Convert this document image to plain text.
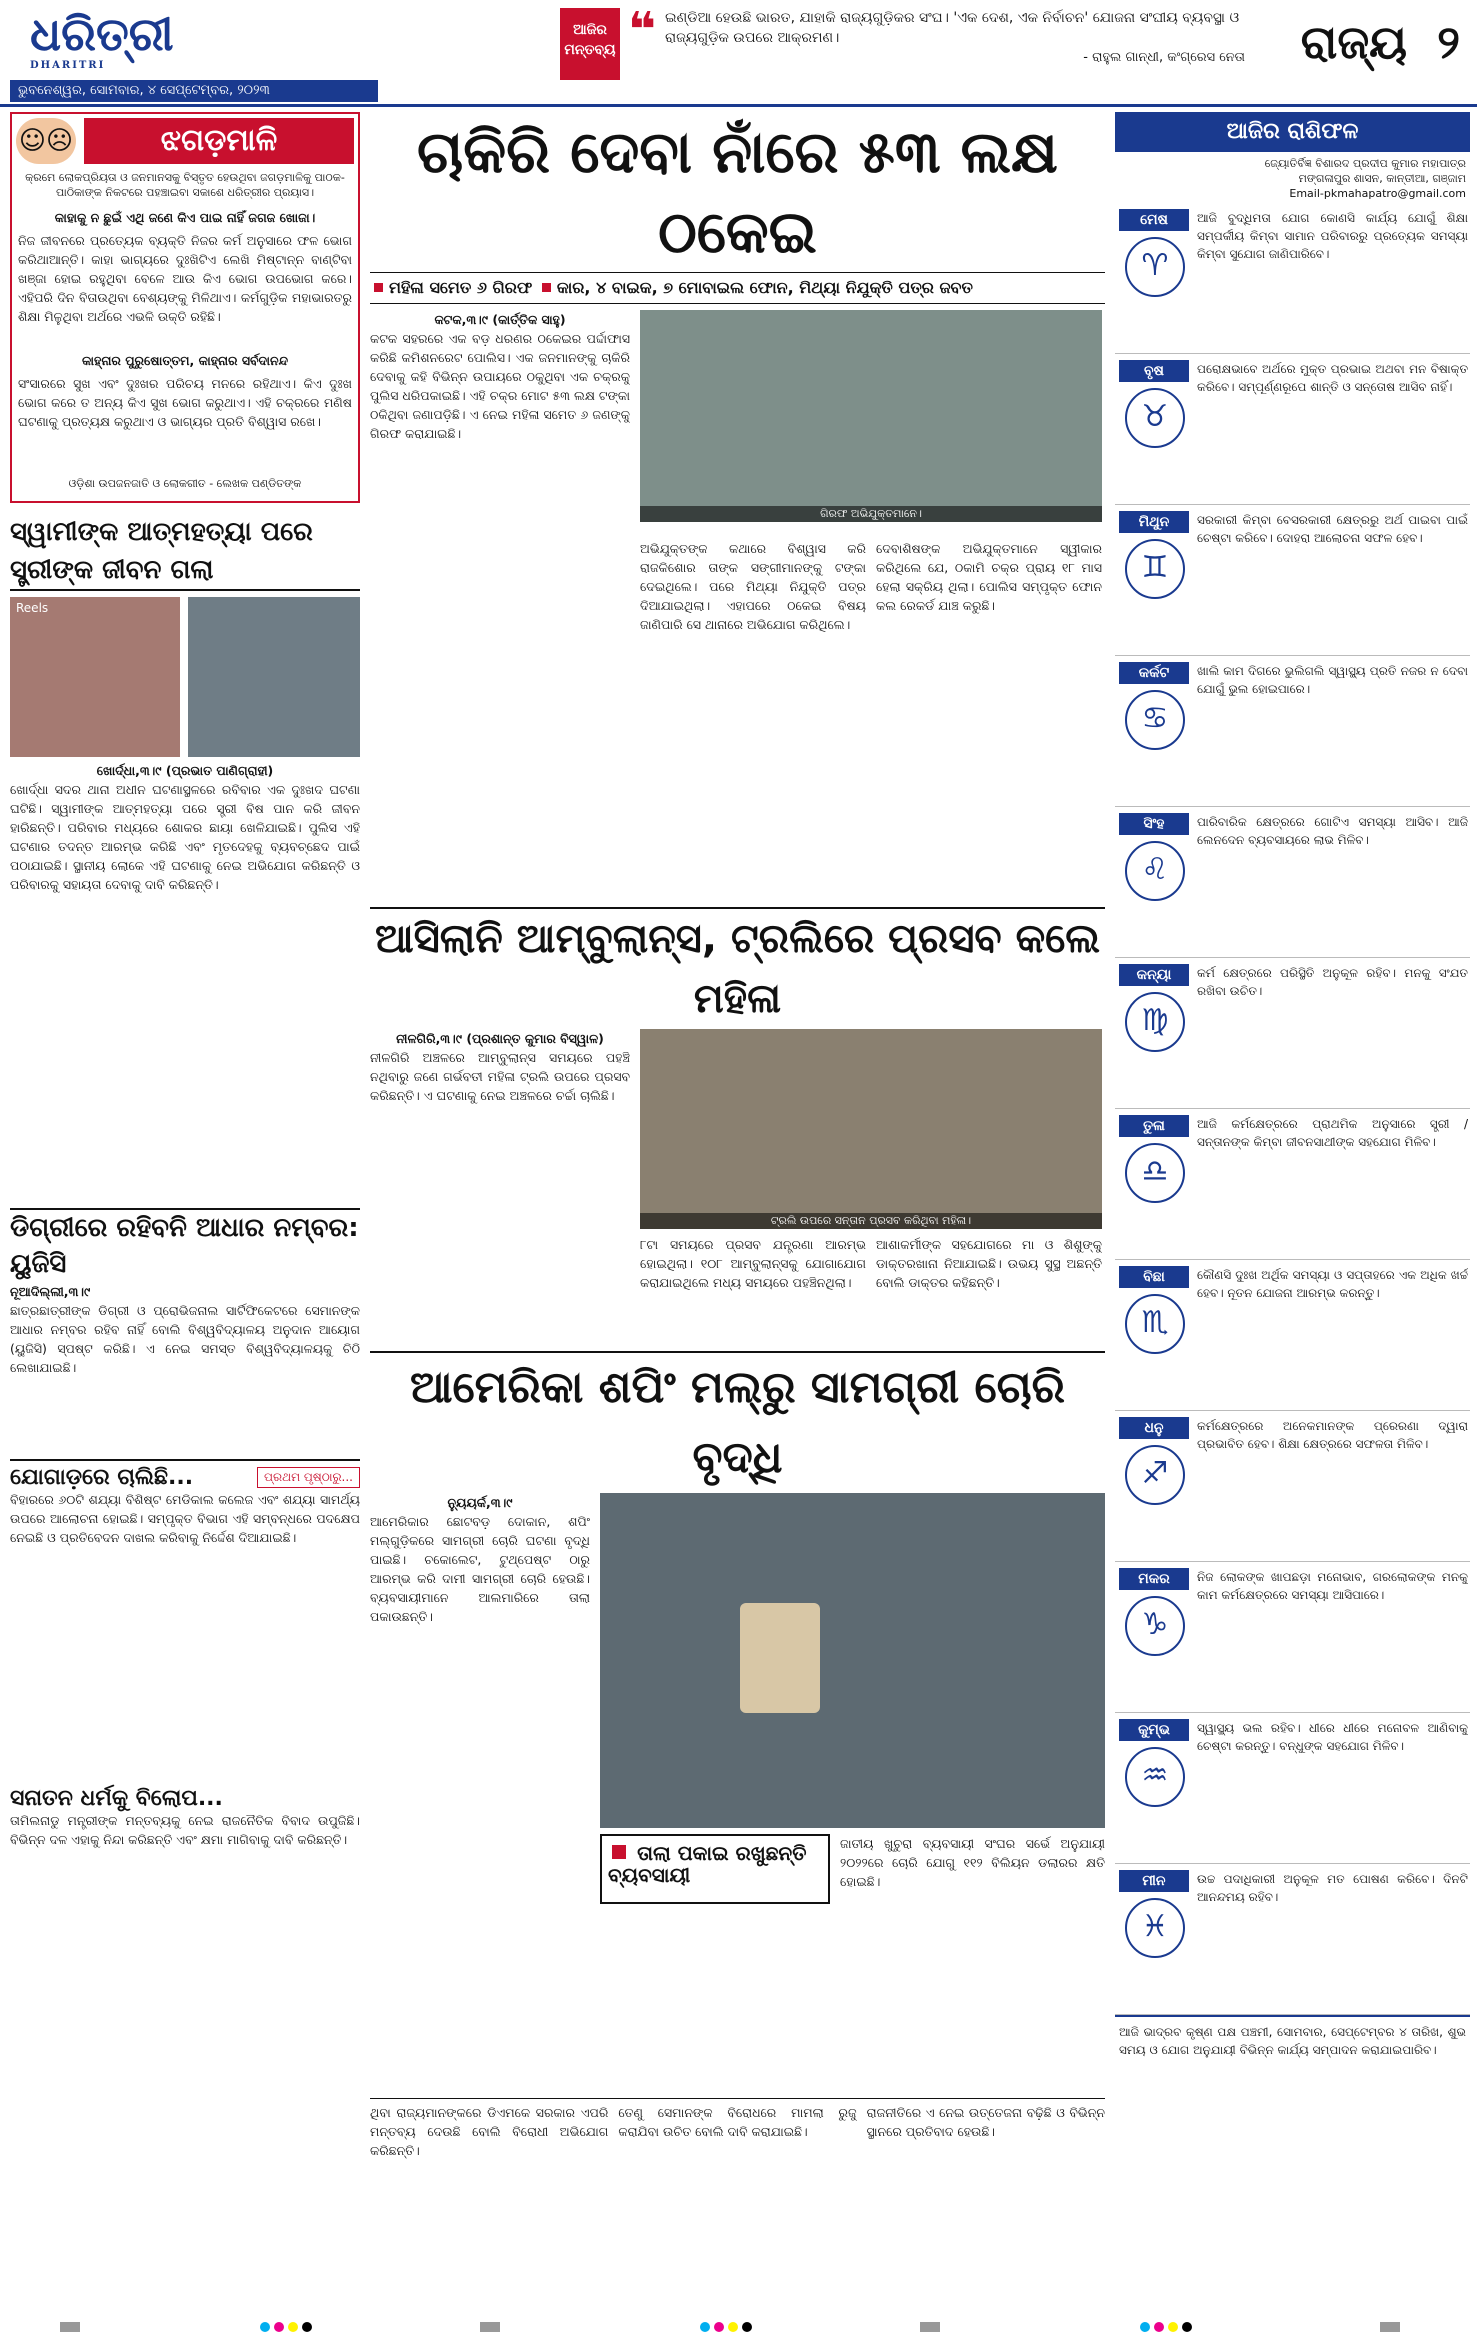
ଧରିତ୍ରୀ
DHARITRI
ଭୁବନେଶ୍ୱର, ସୋମବାର, ୪ ସେପ୍ଟେମ୍ବର, ୨୦୨୩
ଆଜିର ମନ୍ତବ୍ୟ ❝ ଇଣ୍ଡିଆ ହେଉଛି ଭାରତ, ଯାହାକି ରାଜ୍ୟଗୁଡ଼ିକର ସଂଘ। 'ଏକ ଦେଶ, ଏକ ନିର୍ବାଚନ' ଯୋଜନା ସଂଘୀୟ ବ୍ୟବସ୍ଥା ଓ ରାଜ୍ୟଗୁଡ଼ିକ ଉପରେ ଆକ୍ରମଣ।
- ରାହୁଲ ଗାନ୍ଧୀ, କଂଗ୍ରେସ ନେତା	ରାଜ୍ୟ ୨
☺☹	ଝଗଡ଼ମାଳି
କ୍ରମେ ଲୋକପ୍ରିୟତା ଓ ଜନମାନସକୁ ବିସ୍ତୃତ ହେଉଥିବା ଜଗଡ଼ମାଳିକୁ ପାଠକ-ପାଠିକାଙ୍କ ନିକଟରେ ପହଞ୍ଚାଇବା ସକାଶେ ଧରିତ୍ରୀର ପ୍ରୟାସ।
କାହାକୁ ନ ଛୁଇଁ ଏଥି ଜଣେ କିଏ ପାଇ ନାହିଁ ଜଗଜ ଖୋଜା।
ନିଜ ଜୀବନରେ ପ୍ରତ୍ୟେକ ବ୍ୟକ୍ତି ନିଜର କର୍ମ ଅନୁସାରେ ଫଳ ଭୋଗ କରିଥାଆନ୍ତି। କାହା ଭାଗ୍ୟରେ ଦୁଃଖିଟିଏ ଲେଖି ମିଷ୍ଟାନ୍ନ ବାଣ୍ଟିବା ଖଞ୍ଜା ହୋଇ ରହୁଥିବା ବେଳେ ଆଉ କିଏ ଭୋଗ ଉପଭୋଗ କରେ। ଏହିପରି ଦିନ ବିତାଉଥିବା ବେଶ୍ୟଙ୍କୁ ମିଳିଥାଏ। କର୍ମଗୁଡ଼ିକ ମହାଭାରତରୁ ଶିକ୍ଷା ମିଳୁଥିବା ଅର୍ଥରେ ଏଭଳି ଉକ୍ତି ରହିଛି।
କାହ୍ନାର ପୁରୁଷୋତ୍ତମ, କାହ୍ନାର ସର୍ବଦାନନ୍ଦ
ସଂସାରରେ ସୁଖ ଏବଂ ଦୁଃଖର ପରିଚୟ ମନରେ ରହିଥାଏ। କିଏ ଦୁଃଖ ଭୋଗ କରେ ତ ଅନ୍ୟ କିଏ ସୁଖ ଭୋଗ କରୁଥାଏ। ଏହି ଚକ୍ରରେ ମଣିଷ ଘଟଣାକୁ ପ୍ରତ୍ୟକ୍ଷ କରୁଥାଏ ଓ ଭାଗ୍ୟର ପ୍ରତି ବିଶ୍ୱାସ ରଖେ।
ଓଡ଼ିଶା ଉପଜନଜାତି ଓ ଲୋକଗୀତ - ଲେଖକ ପଣ୍ଡିତଙ୍କ
ସ୍ୱାମୀଙ୍କ ଆତ୍ମହତ୍ୟା ପରେ ସ୍ତ୍ରୀଙ୍କ ଜୀବନ ଗଲା
Reels
ଖୋର୍ଦ୍ଧା,୩।୯ (ପ୍ରଭାତ ପାଣିଗ୍ରାହୀ)
ଖୋର୍ଦ୍ଧା ସଦର ଥାନା ଅଧୀନ ଘଟଣାସ୍ଥଳରେ ରବିବାର ଏକ ଦୁଃଖଦ ଘଟଣା ଘଟିଛି। ସ୍ୱାମୀଙ୍କ ଆତ୍ମହତ୍ୟା ପରେ ସ୍ତ୍ରୀ ବିଷ ପାନ କରି ଜୀବନ ହାରିଛନ୍ତି। ପରିବାର ମଧ୍ୟରେ ଶୋକର ଛାୟା ଖେଳିଯାଇଛି। ପୁଲିସ ଏହି ଘଟଣାର ତଦନ୍ତ ଆରମ୍ଭ କରିଛି ଏବଂ ମୃତଦେହକୁ ବ୍ୟବଚ୍ଛେଦ ପାଇଁ ପଠାଯାଇଛି। ସ୍ଥାନୀୟ ଲୋକେ ଏହି ଘଟଣାକୁ ନେଇ ଅଭିଯୋଗ କରିଛନ୍ତି ଓ ପରିବାରକୁ ସହାୟତା ଦେବାକୁ ଦାବି କରିଛନ୍ତି।
ଡିଗ୍ରୀରେ ରହିବନି ଆଧାର ନମ୍ବର: ୟୁଜିସି
ନୂଆଦିଲ୍ଲୀ,୩।୯
ଛାତ୍ରଛାତ୍ରୀଙ୍କ ଡିଗ୍ରୀ ଓ ପ୍ରୋଭିଜନାଲ ସାର୍ଟିଫିକେଟରେ ସେମାନଙ୍କ ଆଧାର ନମ୍ବର ରହିବ ନାହିଁ ବୋଲି ବିଶ୍ୱବିଦ୍ୟାଳୟ ଅନୁଦାନ ଆୟୋଗ (ୟୁଜିସି) ସ୍ପଷ୍ଟ କରିଛି। ଏ ନେଇ ସମସ୍ତ ବିଶ୍ୱବିଦ୍ୟାଳୟକୁ ଚିଠି ଲେଖାଯାଇଛି।
ଯୋଗାଡ଼ରେ ଚାଲିଛି...	ପ୍ରଥମ ପୃଷ୍ଠାରୁ...
ବିହାରରେ ୬୦ଟି ଶଯ୍ୟା ବିଶିଷ୍ଟ ମେଡିକାଲ କଲେଜ ଏବଂ ଶଯ୍ୟା ସାମର୍ଥ୍ୟ ଉପରେ ଆଲୋଚନା ହୋଇଛି। ସମ୍ପୃକ୍ତ ବିଭାଗ ଏହି ସମ୍ବନ୍ଧରେ ପଦକ୍ଷେପ ନେଇଛି ଓ ପ୍ରତିବେଦନ ଦାଖଲ କରିବାକୁ ନିର୍ଦ୍ଦେଶ ଦିଆଯାଇଛି।
ସନାତନ ଧର୍ମକୁ ବିଲୋପ...
ତାମିଲନାଡୁ ମନ୍ତ୍ରୀଙ୍କ ମନ୍ତବ୍ୟକୁ ନେଇ ରାଜନୈତିକ ବିବାଦ ଉପୁଜିଛି। ବିଭିନ୍ନ ଦଳ ଏହାକୁ ନିନ୍ଦା କରିଛନ୍ତି ଏବଂ କ୍ଷମା ମାଗିବାକୁ ଦାବି କରିଛନ୍ତି।
ଚାକିରି ଦେବା ନାଁରେ ୫୩ ଲକ୍ଷ ଠକେଇ
ମହିଳା ସମେତ ୬ ଗିରଫ କାର, ୪ ବାଇକ, ୭ ମୋବାଇଲ ଫୋନ, ମିଥ୍ୟା ନିଯୁକ୍ତି ପତ୍ର ଜବତ
କଟକ,୩।୯ (କାର୍ତ୍ତିକ ସାହୁ)
କଟକ ସହରରେ ଏକ ବଡ଼ ଧରଣର ଠକେଇର ପର୍ଦ୍ଦାଫାସ କରିଛି କମିଶନରେଟ ପୋଲିସ। ଏକ ଜନମାନଙ୍କୁ ଚାକିରି ଦେବାକୁ କହି ବିଭିନ୍ନ ଉପାୟରେ ଠକୁଥିବା ଏକ ଚକ୍ରକୁ ପୁଲିସ ଧରିପକାଇଛି। ଏହି ଚକ୍ର ମୋଟ ୫୩ ଲକ୍ଷ ଟଙ୍କା ଠକିଥିବା ଜଣାପଡ଼ିଛି। ଏ ନେଇ ମହିଳା ସମେତ ୬ ଜଣଙ୍କୁ ଗିରଫ କରାଯାଇଛି।
ଗିରଫ ଅଭିଯୁକ୍ତମାନେ।
ଅଭିଯୁକ୍ତଙ୍କ କଥାରେ ବିଶ୍ୱାସ କରି ରାଜକିଶୋର ତାଙ୍କ ସଙ୍ଗୀମାନଙ୍କୁ ଟଙ୍କା ଦେଇଥିଲେ। ପରେ ମିଥ୍ୟା ନିଯୁକ୍ତି ପତ୍ର ଦିଆଯାଇଥିଲା। ଏହାପରେ ଠକେଇ ବିଷୟ ଜାଣିପାରି ସେ ଥାନାରେ ଅଭିଯୋଗ କରିଥିଲେ।
ଦେବାଶିଷଙ୍କ ଅଭିଯୁକ୍ତମାନେ ସ୍ୱୀକାର କରିଥିଲେ ଯେ, ଠକାମି ଚକ୍ର ପ୍ରାୟ ୧୮ ମାସ ହେଲା ସକ୍ରିୟ ଥିଲା। ପୋଲିସ ସମ୍ପୃକ୍ତ ଫୋନ କଲ ରେକର୍ଡ ଯାଞ୍ଚ କରୁଛି।
ଆସିଲାନି ଆମ୍ବୁଲାନ୍ସ, ଟ୍ରଲିରେ ପ୍ରସବ କଲେ ମହିଳା
ନୀଳଗିରି,୩।୯ (ପ୍ରଶାନ୍ତ କୁମାର ବିସ୍ୱାଳ)
ନୀଳଗିରି ଅଞ୍ଚଳରେ ଆମ୍ବୁଲାନ୍ସ ସମୟରେ ପହଞ୍ଚି ନଥିବାରୁ ଜଣେ ଗର୍ଭବତୀ ମହିଳା ଟ୍ରଲି ଉପରେ ପ୍ରସବ କରିଛନ୍ତି। ଏ ଘଟଣାକୁ ନେଇ ଅଞ୍ଚଳରେ ଚର୍ଚ୍ଚା ଚାଲିଛି।
ଟ୍ରଲି ଉପରେ ସନ୍ତାନ ପ୍ରସବ କରିଥିବା ମହିଳା।
୮ଟା ସମୟରେ ପ୍ରସବ ଯନ୍ତ୍ରଣା ଆରମ୍ଭ ହୋଇଥିଲା। ୧୦୮ ଆମ୍ବୁଲାନ୍ସକୁ ଯୋଗାଯୋଗ କରାଯାଇଥିଲେ ମଧ୍ୟ ସମୟରେ ପହଞ୍ଚିନଥିଲା।
ଆଶାକର୍ମୀଙ୍କ ସହଯୋଗରେ ମା ଓ ଶିଶୁଙ୍କୁ ଡାକ୍ତରଖାନା ନିଆଯାଇଛି। ଉଭୟ ସୁସ୍ଥ ଅଛନ୍ତି ବୋଲି ଡାକ୍ତର କହିଛନ୍ତି।
ଆମେରିକା ଶପିଂ ମଲ୍‌ରୁ ସାମଗ୍ରୀ ଚୋରି ବୃଦ୍ଧି
ନ୍ୟୁୟର୍କ,୩।୯
ଆମେରିକାର ଛୋଟବଡ଼ ଦୋକାନ, ଶପିଂ ମଲ୍‌ଗୁଡ଼ିକରେ ସାମଗ୍ରୀ ଚୋରି ଘଟଣା ବୃଦ୍ଧି ପାଇଛି। ଚକୋଲେଟ, ଟୁଥ୍‌ପେଷ୍ଟ ଠାରୁ ଆରମ୍ଭ କରି ଦାମୀ ସାମଗ୍ରୀ ଚୋରି ହେଉଛି। ବ୍ୟବସାୟୀମାନେ ଆଲମାରିରେ ତାଲା ପକାଉଛନ୍ତି।
ତାଲା ପକାଇ ରଖୁଛନ୍ତି ବ୍ୟବସାୟୀ
ଜାତୀୟ ଖୁଚୁରା ବ୍ୟବସାୟୀ ସଂଘର ସର୍ଭେ ଅନୁଯାୟୀ ୨୦୨୨ରେ ଚୋରି ଯୋଗୁ ୧୧୨ ବିଲିୟନ ଡଲାରର କ୍ଷତି ହୋଇଛି।
ଥିବା ରାଜ୍ୟମାନଙ୍କରେ ଡିଏମକେ ସରକାର ଏପରି ମନ୍ତବ୍ୟ ଦେଉଛି ବୋଲି ବିରୋଧୀ ଅଭିଯୋଗ କରିଛନ୍ତି।
ତେଣୁ ସେମାନଙ୍କ ବିରୋଧରେ ମାମଲା ରୁଜୁ କରାଯିବା ଉଚିତ ବୋଲି ଦାବି କରାଯାଇଛି।
ରାଜନୀତିରେ ଏ ନେଇ ଉତ୍ତେଜନା ବଢ଼ିଛି ଓ ବିଭିନ୍ନ ସ୍ଥାନରେ ପ୍ରତିବାଦ ହେଉଛି।
ଆଜିର ରାଶିଫଳ
ଜ୍ୟୋତିର୍ବିଜ୍ଞ ବିଶାରଦ ପ୍ରଦୀପ କୁମାର ମହାପାତ୍ର
ମଙ୍ଗଳାପୁର ଶାସନ, କାନ୍ତୀଆ, ଗଞ୍ଜାମ
Email-pkmahapatro@gmail.com
ମେଷ
♈
ଆଜି ବୁଦ୍ଧିମତା ଯୋଗ କୋଣସି କାର୍ଯ୍ୟ ଯୋଗୁଁ ଶିକ୍ଷା ସମ୍ପର୍କୀୟ କିମ୍ବା ସାମାନ ପରିବାରରୁ ପ୍ରତ୍ୟେକ ସମସ୍ୟା କିମ୍ବା ସୁଯୋଗ ଜାଣିପାରିବେ।
ବୃଷ
♉
ପରୋକ୍ଷଭାବେ ଅର୍ଥରେ ମୁକ୍ତ ପ୍ରଭାଇ ଅଥବା ମନ ବିଷାକ୍ତ କରିବେ। ସମ୍ପୂର୍ଣ୍ଣରୂପେ ଶାନ୍ତି ଓ ସନ୍ତୋଷ ଆସିବ ନାହିଁ।
ମିଥୁନ
♊
ସରକାରୀ କିମ୍ବା ବେସରକାରୀ କ୍ଷେତ୍ରରୁ ଅର୍ଥ ପାଇବା ପାଇଁ ଚେଷ୍ଟା କରିବେ। ଦୋହରା ଆଲୋଚନା ସଫଳ ହେବ।
କର୍କଟ
♋
ଖାଲି କାମ ଦିଗରେ ଭୁଲିଗଲି ସ୍ୱାସ୍ଥ୍ୟ ପ୍ରତି ନଜର ନ ଦେବା ଯୋଗୁଁ ଭୁଲ ହୋଇପାରେ।
ସିଂହ
♌
ପାରିବାରିକ କ୍ଷେତ୍ରରେ ଗୋଟିଏ ସମସ୍ୟା ଆସିବ। ଆଜି ଲେନଦେନ ବ୍ୟବସାୟରେ ଲାଭ ମିଳିବ।
କନ୍ୟା
♍
କର୍ମ କ୍ଷେତ୍ରରେ ପରିସ୍ଥିତି ଅନୁକୂଳ ରହିବ। ମନକୁ ସଂଯତ ରଖିବା ଉଚିତ।
ତୁଳା
♎
ଆଜି କର୍ମକ୍ଷେତ୍ରରେ ପ୍ରାଥମିକ ଅନୁସାରେ ସ୍ତ୍ରୀ / ସନ୍ତାନଙ୍କ କିମ୍ବା ଜୀବନସାଥୀଙ୍କ ସହଯୋଗ ମିଳିବ।
ବିଛା
♏
କୌଣସି ଦୁଃଖ ଅର୍ଥିକ ସମସ୍ୟା ଓ ସପ୍ତାହରେ ଏକ ଅଧିକ ଖର୍ଚ୍ଚ ହେବ। ନୂତନ ଯୋଜନା ଆରମ୍ଭ କରନ୍ତୁ।
ଧନୁ
♐
କର୍ମକ୍ଷେତ୍ରରେ ଅନେକମାନଙ୍କ ପ୍ରେରଣା ଦ୍ୱାରା ପ୍ରଭାବିତ ହେବ। ଶିକ୍ଷା କ୍ଷେତ୍ରରେ ସଫଳତା ମିଳିବ।
ମକର
♑
ନିଜ ଲୋକଙ୍କ ଖାପଛଡ଼ା ମନୋଭାବ, ଗରଲୋକଙ୍କ ମନକୁ କାମ କର୍ମକ୍ଷେତ୍ରରେ ସମସ୍ୟା ଆସିପାରେ।
କୁମ୍ଭ
♒
ସ୍ୱାସ୍ଥ୍ୟ ଭଲ ରହିବ। ଧୀରେ ଧୀରେ ମନୋବଳ ଆଣିବାକୁ ଚେଷ୍ଟା କରନ୍ତୁ। ବନ୍ଧୁଙ୍କ ସହଯୋଗ ମିଳିବ।
ମୀନ
♓
ଉଚ୍ଚ ପଦାଧିକାରୀ ଅନୁକୂଳ ମତ ପୋଷଣ କରିବେ। ଦିନଟି ଆନନ୍ଦମୟ ରହିବ।
ଆଜି ଭାଦ୍ରବ କୃଷ୍ଣ ପକ୍ଷ ପଞ୍ଚମୀ, ସୋମବାର, ସେପ୍ଟେମ୍ବର ୪ ତାରିଖ, ଶୁଭ ସମୟ ଓ ଯୋଗ ଅନୁଯାୟୀ ବିଭିନ୍ନ କାର୍ଯ୍ୟ ସମ୍ପାଦନ କରାଯାଇପାରିବ।
